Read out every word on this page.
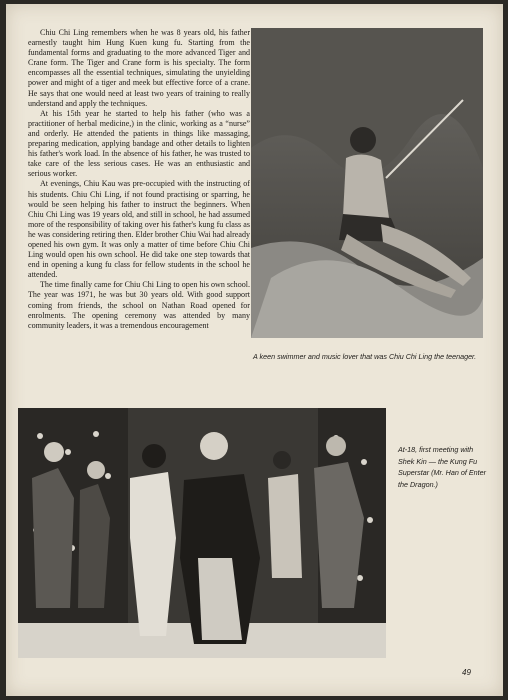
Chiu Chi Ling remembers when he was 8 years old, his father earnestly taught him Hung Kuen kung fu. Starting from the fundamental forms and graduating to the more advanced Tiger and Crane form. The Tiger and Crane form is his specialty. The form encompasses all the essential techniques, simulating the unyielding power and might of a tiger and meek but effective force of a crane. He says that one would need at least two years of training to really understand and apply the techniques.

At his 15th year he started to help his father (who was a practitioner of herbal medicine,) in the clinic, working as a “nurse” and orderly. He attended the patients in things like massaging, preparing medication, applying bandage and other details to lighten his father's work load. In the absence of his father, he was trusted to take care of the less serious cases. He was an enthusiastic and serious worker.

At evenings, Chiu Kau was pre-occupied with the instructing of his students. Chiu Chi Ling, if not found practising or sparring, he would be seen helping his father to instruct the beginners. When Chiu Chi Ling was 19 years old, and still in school, he had assumed more of the responsibility of taking over his father's kung fu class as he was considering retiring then. Elder brother Chiu Wai had already opened his own gym. It was only a matter of time before Chiu Chi Ling would open his own school. He did take one step towards that end in opening a kung fu class for fellow students in the school he attended.

The time finally came for Chiu Chi Ling to open his own school. The year was 1971, he was but 30 years old. With good support coming from friends, the school on Nathan Road opened for enrolments. The opening ceremony was attended by many community leaders, it was a tremendous encouragement

A keen swimmer and music lover that was Chiu Chi Ling the teenager.
At-18, first meeting with Shek Kin — the Kung Fu Superstar (Mr. Han of Enter the Dragon.)
49
